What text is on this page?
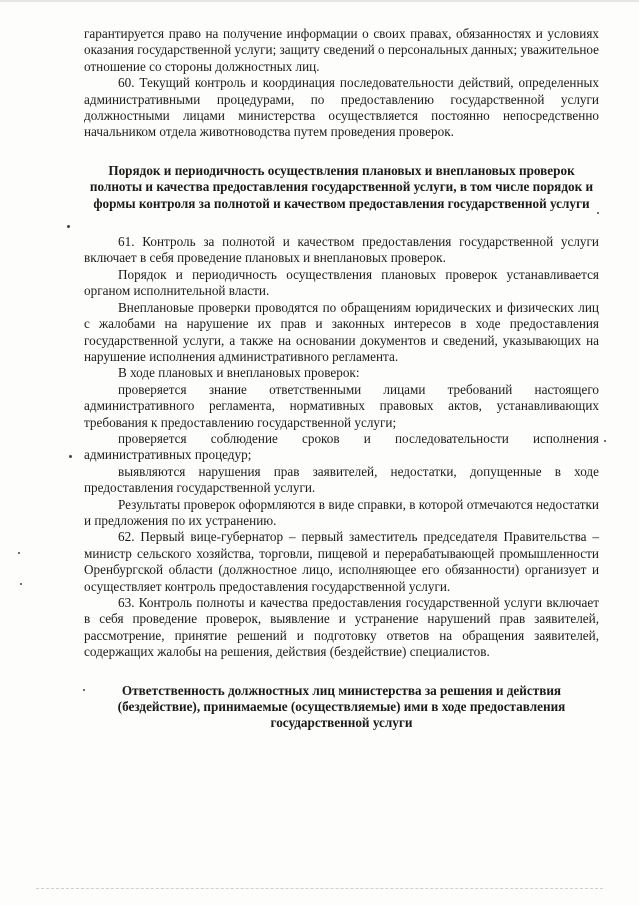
гарантируется право на получение информации о своих правах, обязанностях и условиях оказания государственной услуги; защиту сведений о персональных данных; уважительное отношение со стороны должностных лиц.

60. Текущий контроль и координация последовательности действий, определенных административными процедурами, по предоставлению государственной услуги должностными лицами министерства осуществляется постоянно непосредственно начальником отдела животноводства путем проведения проверок.

Порядок и периодичность осуществления плановых и внеплановых проверок полноты и качества предоставления государственной услуги, в том числе порядок и формы контроля за полнотой и качеством предоставления государственной услуги

61. Контроль за полнотой и качеством предоставления государственной услуги включает в себя проведение плановых и внеплановых проверок.

Порядок и периодичность осуществления плановых проверок устанавливается органом исполнительной власти.

Внеплановые проверки проводятся по обращениям юридических и физических лиц с жалобами на нарушение их прав и законных интересов в ходе предоставления государственной услуги, а также на основании документов и сведений, указывающих на нарушение исполнения административного регламента.

В ходе плановых и внеплановых проверок:

проверяется знание ответственными лицами требований настоящего административного регламента, нормативных правовых актов, устанавливающих требования к предоставлению государственной услуги;

проверяется соблюдение сроков и последовательности исполнения административных процедур;

выявляются нарушения прав заявителей, недостатки, допущенные в ходе предоставления государственной услуги.

Результаты проверок оформляются в виде справки, в которой отмечаются недостатки и предложения по их устранению.

62. Первый вице-губернатор – первый заместитель председателя Правительства – министр сельского хозяйства, торговли, пищевой и перерабатывающей промышленности Оренбургской области (должностное лицо, исполняющее его обязанности) организует и осуществляет контроль предоставления государственной услуги.

63. Контроль полноты и качества предоставления государственной услуги включает в себя проведение проверок, выявление и устранение нарушений прав заявителей, рассмотрение, принятие решений и подготовку ответов на обращения заявителей, содержащих жалобы на решения, действия (бездействие) специалистов.

Ответственность должностных лиц министерства за решения и действия (бездействие), принимаемые (осуществляемые) ими в ходе предоставления государственной услуги
